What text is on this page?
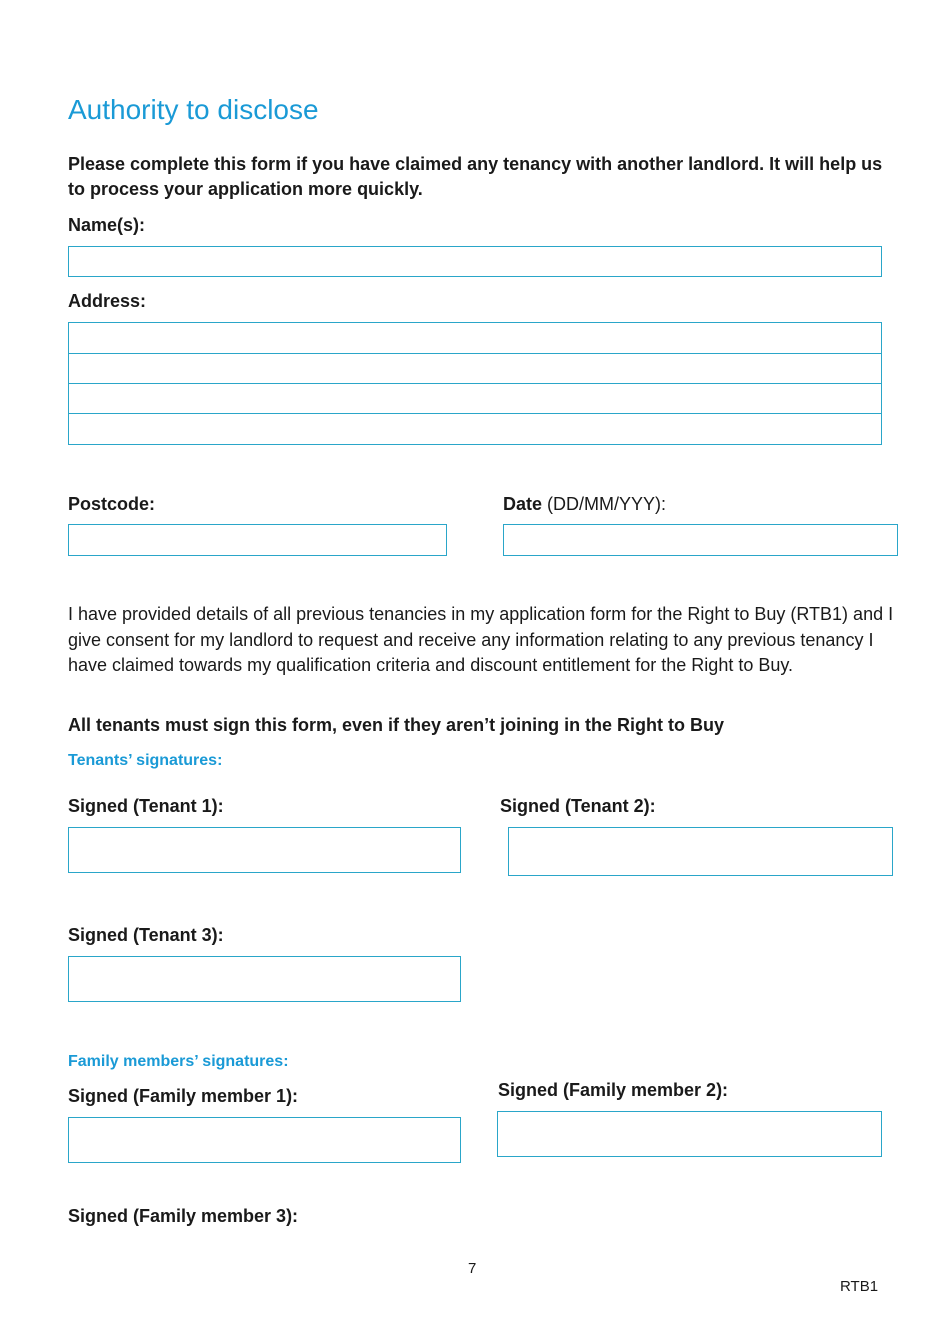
Authority to disclose
Please complete this form if you have claimed any tenancy with another landlord. It will help us to process your application more quickly.
Name(s):
Address:
Postcode:	Date (DD/MM/YYY):
I have provided details of all previous tenancies in my application form for the Right to Buy (RTB1) and I give consent for my landlord to request and receive any information relating to any previous tenancy I have claimed towards my qualification criteria and discount entitlement for the Right to Buy.
All tenants must sign this form, even if they aren’t joining in the Right to Buy
Tenants’ signatures:
Signed (Tenant 1):	Signed (Tenant 2):
Signed (Tenant 3):
Family members’ signatures:
Signed (Family member 1):	Signed (Family member 2):
Signed (Family member 3):
7
RTB1
